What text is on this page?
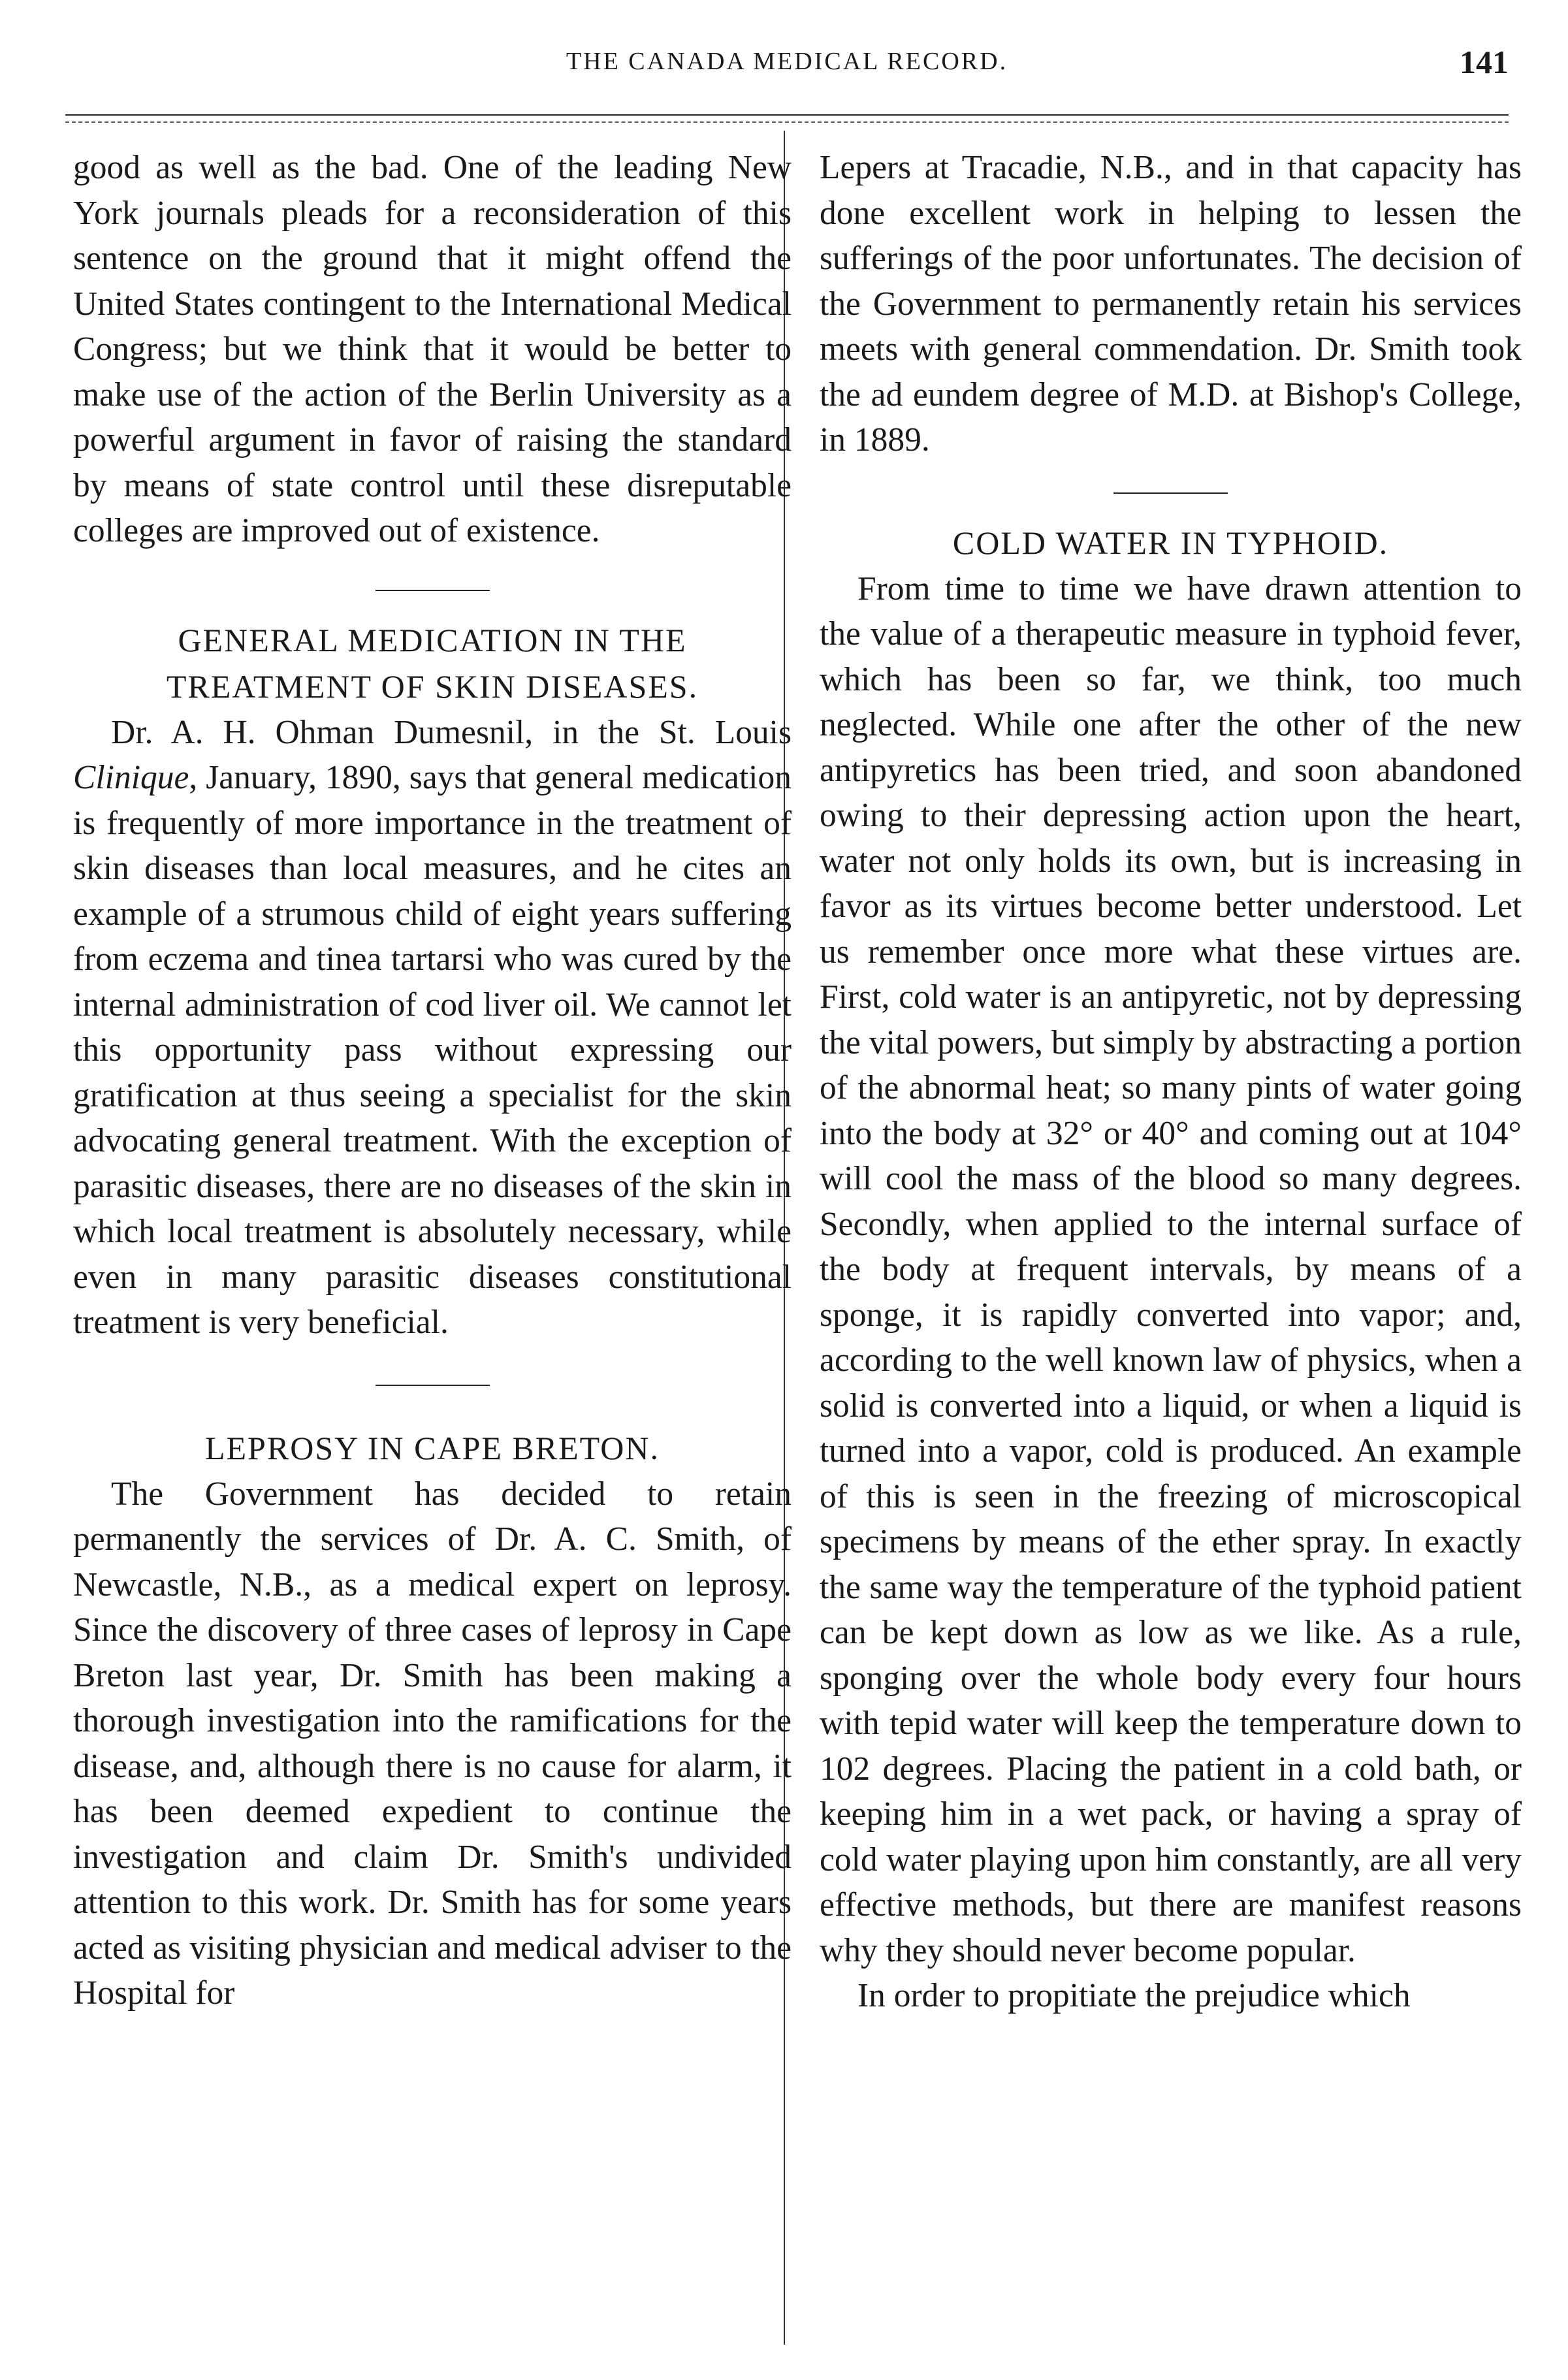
THE CANADA MEDICAL RECORD.	141

good as well as the bad. One of the leading New York journals pleads for a reconsideration of this sentence on the ground that it might offend the United States contingent to the International Medical Congress; but we think that it would be better to make use of the action of the Berlin University as a powerful argument in favor of raising the standard by means of state control until these disreputable colleges are improved out of existence.

GENERAL MEDICATION IN THE TREATMENT OF SKIN DISEASES.

Dr. A. H. Ohman Dumesnil, in the St. Louis Clinique, January, 1890, says that general medication is frequently of more importance in the treatment of skin diseases than local measures, and he cites an example of a strumous child of eight years suffering from eczema and tinea tartarsi who was cured by the internal administration of cod liver oil. We cannot let this opportunity pass without expressing our gratification at thus seeing a specialist for the skin advocating general treatment. With the exception of parasitic diseases, there are no diseases of the skin in which local treatment is absolutely necessary, while even in many parasitic diseases constitutional treatment is very beneficial.

LEPROSY IN CAPE BRETON.

The Government has decided to retain permanently the services of Dr. A. C. Smith, of Newcastle, N.B., as a medical expert on leprosy. Since the discovery of three cases of leprosy in Cape Breton last year, Dr. Smith has been making a thorough investigation into the ramifications for the disease, and, although there is no cause for alarm, it has been deemed expedient to continue the investigation and claim Dr. Smith's undivided attention to this work. Dr. Smith has for some years acted as visiting physician and medical adviser to the Hospital for

Lepers at Tracadie, N.B., and in that capacity has done excellent work in helping to lessen the sufferings of the poor unfortunates. The decision of the Government to permanently retain his services meets with general commendation. Dr. Smith took the ad eundem degree of M.D. at Bishop's College, in 1889.

COLD WATER IN TYPHOID.

From time to time we have drawn attention to the value of a therapeutic measure in typhoid fever, which has been so far, we think, too much neglected. While one after the other of the new antipyretics has been tried, and soon abandoned owing to their depressing action upon the heart, water not only holds its own, but is increasing in favor as its virtues become better understood. Let us remember once more what these virtues are. First, cold water is an antipyretic, not by depressing the vital powers, but simply by abstracting a portion of the abnormal heat; so many pints of water going into the body at 32° or 40° and coming out at 104° will cool the mass of the blood so many degrees. Secondly, when applied to the internal surface of the body at frequent intervals, by means of a sponge, it is rapidly converted into vapor; and, according to the well known law of physics, when a solid is converted into a liquid, or when a liquid is turned into a vapor, cold is produced. An example of this is seen in the freezing of microscopical specimens by means of the ether spray. In exactly the same way the temperature of the typhoid patient can be kept down as low as we like. As a rule, sponging over the whole body every four hours with tepid water will keep the temperature down to 102 degrees. Placing the patient in a cold bath, or keeping him in a wet pack, or having a spray of cold water playing upon him constantly, are all very effective methods, but there are manifest reasons why they should never become popular.

In order to propitiate the prejudice which
